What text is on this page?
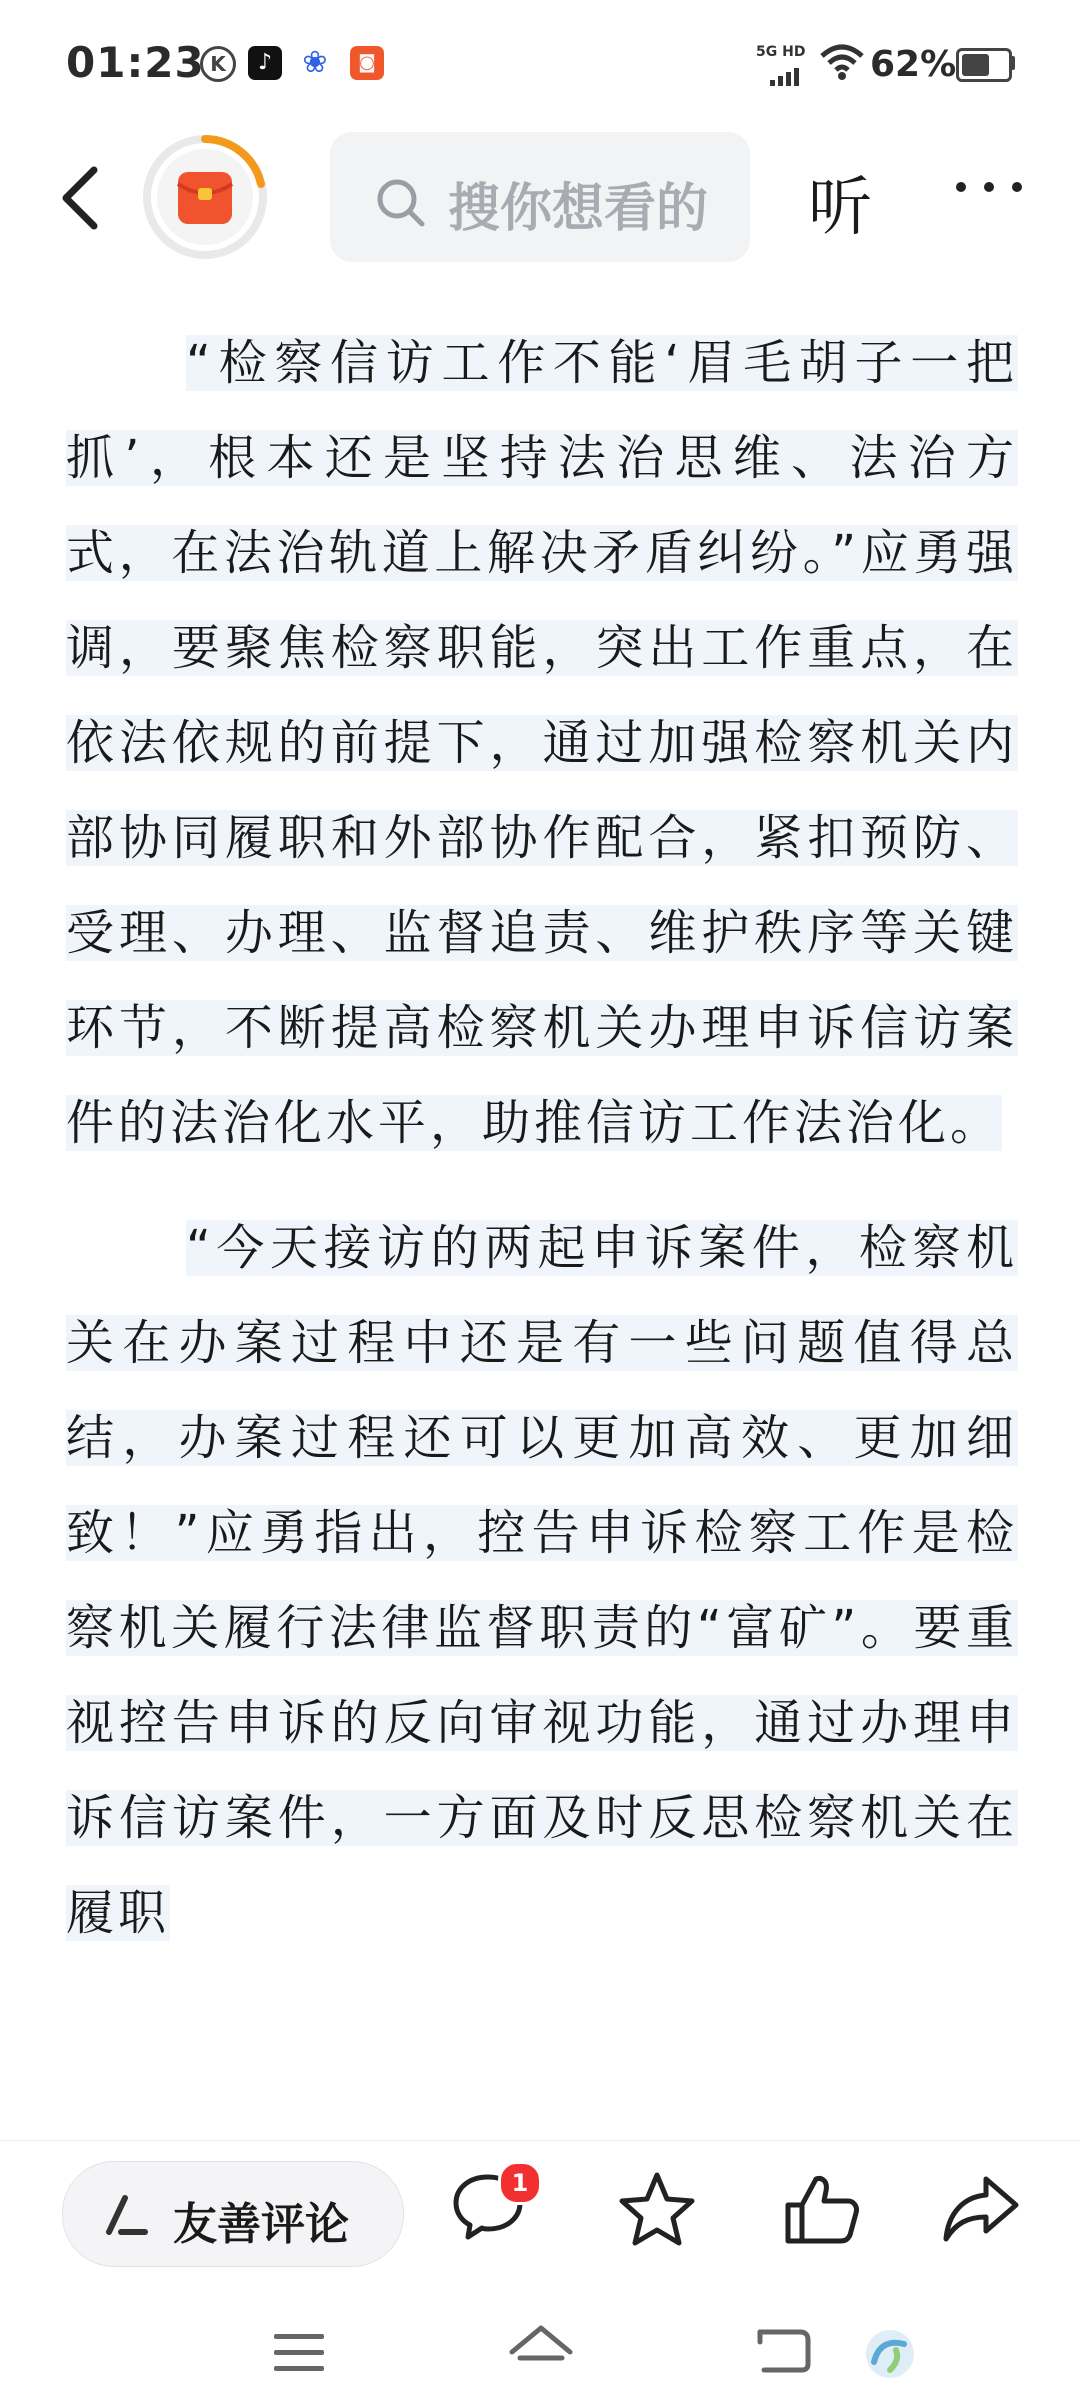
“检察信访工作不能‘眉毛胡子一把抓’，根本还是坚持法治思维、法治方式，在法治轨道上解决矛盾纠纷。”应勇强调，要聚焦检察职能，突出工作重点，在依法依规的前提下，通过加强检察机关内部协同履职和外部协作配合，紧扣预防、受理、办理、监督追责、维护秩序等关键环节，不断提高检察机关办理申诉信访案件的法治化水平，助推信访工作法治化。

“今天接访的两起申诉案件，检察机关在办案过程中还是有一些问题值得总结，办案过程还可以更加高效、更加细致！”应勇指出，控告申诉检察工作是检察机关履行法律监督职责的“富矿”。要重视控告申诉的反向审视功能，通过办理申诉信访案件，一方面及时反思检察机关在履职

01:23 K	♪	❀	◙	5G HD 62%
搜你想看的	听
友善评论
1
